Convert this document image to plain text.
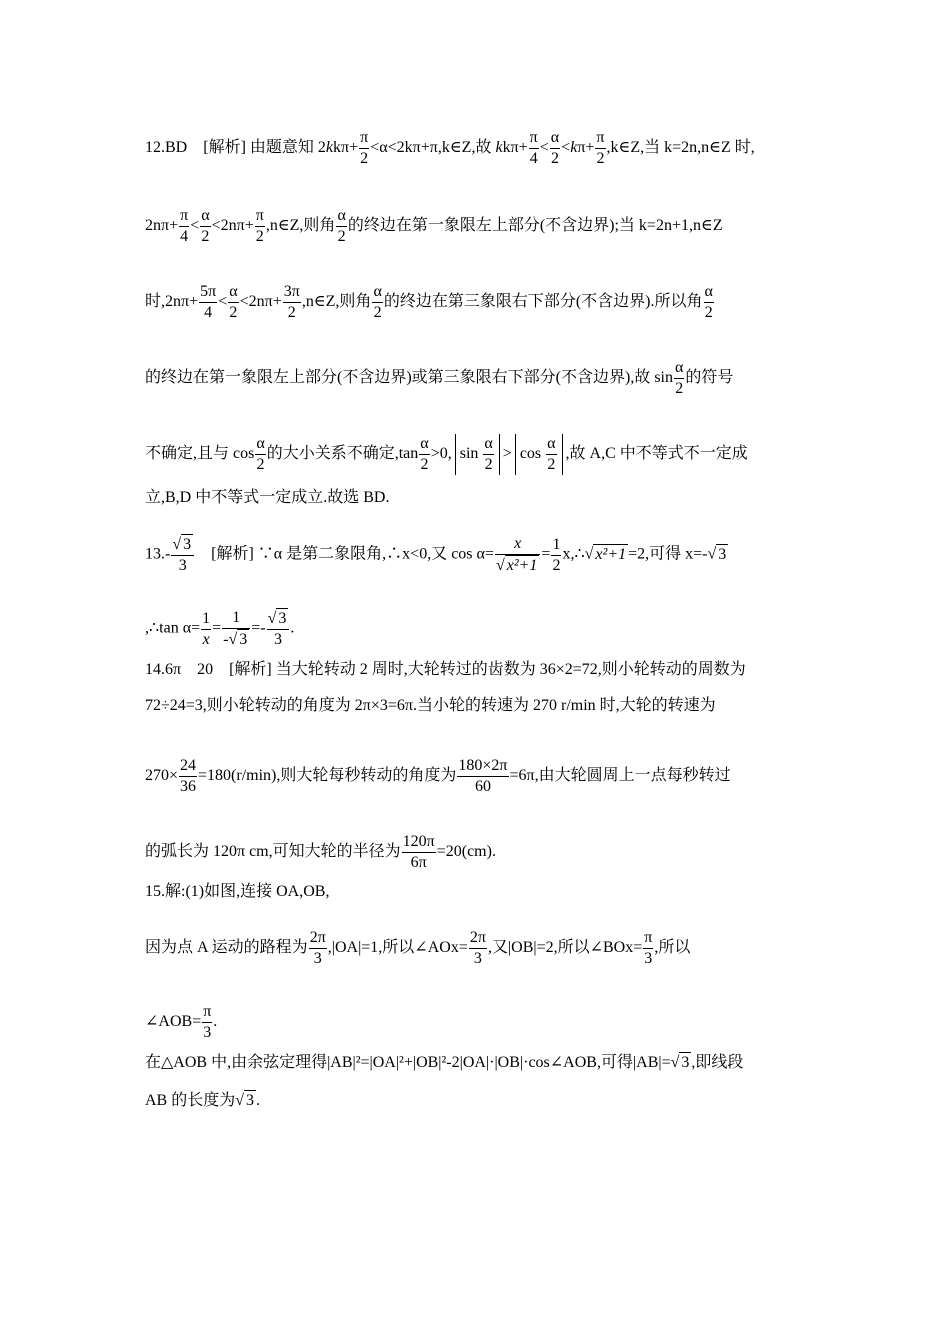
12.BD [解析] 由题意知 $2kk\pi+ \frac{\pi}{2}$ <α<2kπ+π,k∈Z,故 $kk\pi+ \frac{\pi}{4} < \frac{\alpha}{2} <k\pi+ \frac{\pi}{2}$ ,k∈Z,当 k=2n,n∈Z 时,
$2n\pi+ \frac{\pi}{4} < \frac{\alpha}{2} <2n\pi+ \frac{\pi}{2}$ ,n∈Z,则角 $\frac{\alpha}{2}$ 的终边在第一象限左上部分(不含边界);当 k=2n+1,n∈Z
时$,2n\pi+ \frac{5\pi}{4} < \frac{\alpha}{2} <2n\pi+ \frac{3\pi}{2}$ ,n∈Z,则角 $\frac{\alpha}{2}$ 的终边在第三象限右下部分(不含边界).所以角 $\frac{\alpha}{2}$
的终边在第一象限左上部分(不含边界)或第三象限右下部分(不含边界),故 $\sin \frac{\alpha}{2}$ 的符号
不确定,且与 $\cos \frac{\alpha}{2}$ 的大小关系不确定$,\tan \frac{\alpha}{2} >0$, $\sin \frac{\alpha}{2} > \cos \frac{\alpha}{2}$ ,故 A,C 中不等式不一定成
立,B,D 中不等式一定成立.故选 BD.
$13.- \frac{√ 3}{3}$ [解析] ∵α 是第二象限角,∴x<0,又 $\cos \alpha= \frac{x}{\text{√ x²+1}} = \frac{1}{2}$ x,∴√ x²+1 =2,可得 x=-√ 3
,∴tan $\alpha= \frac{1}{x} = \frac{1}{-√ 3} =- \frac{√ 3}{3}$ .
14.6π　20　[解析] 当大轮转动 2 周时,大轮转过的齿数为 36×2=72,则小轮转动的周数为
72÷24=3,则小轮转动的角度为 2π×3=6π.当小轮的转速为 270 r/min 时,大轮的转速为
$270\times \frac{24}{36} =180(r/\min)$,则大轮每秒转动的角度为 $\frac{180\times 2\pi}{60} =6\pi$,由大轮圆周上一点每秒转过
的弧长为 120π cm,可知大轮的半径为 $\frac{120\pi}{6\pi} =20(cm)$.
15.解:(1)如图,连接 OA,OB,
因为点 A 运动的路程为 $\frac{2\pi}{3} ,|OA|=1$,所以∠AOx= $\frac{2\pi}{3}$ ,又|OB|=2,所以∠BOx= $\frac{\pi}{3}$ ,所以
∠AOB= $\frac{\pi}{3}$ .
在△AOB 中,由余弦定理得|AB|²=|OA|²+|OB|²-2|OA|·|OB|·cos∠AOB,可得|AB|=√ 3 ,即线段
AB 的长度为√ 3 .
